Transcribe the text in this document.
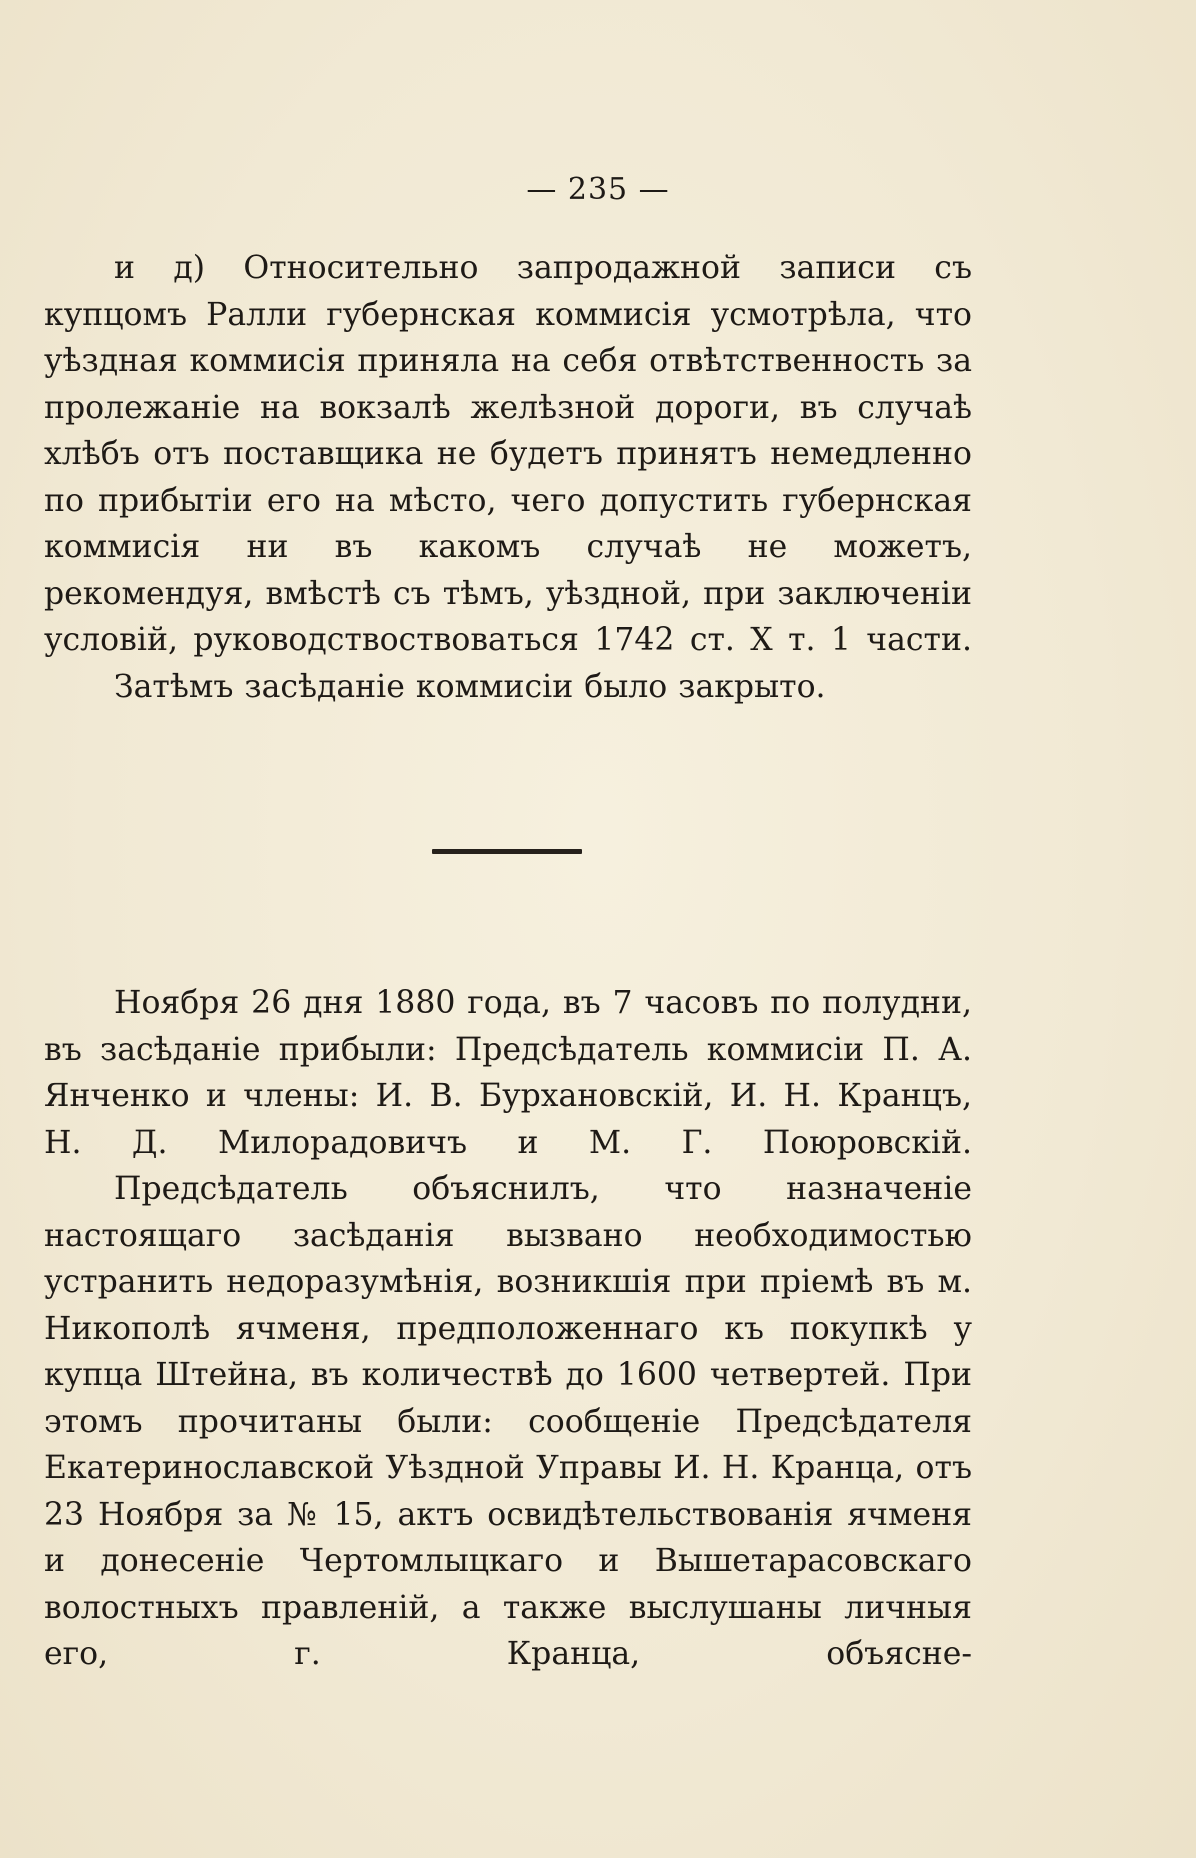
— 235 —

и д) Относительно запродажной записи съ купцомъ Ралли губернская коммисія усмотрѣла, что уѣздная коммисія приняла на себя отвѣтственность за пролежаніе на вокзалѣ желѣзной дороги, въ случаѣ хлѣбъ отъ поставщика не будетъ принятъ немедленно по прибытіи его на мѣсто, чего допустить губернская коммисія ни въ какомъ случаѣ не можетъ, рекомендуя, вмѣстѣ съ тѣмъ, уѣздной, при заключеніи условій, руководствоствоваться 1742 ст. X т. 1 части.

Затѣмъ засѣданіе коммисіи было закрыто.

Ноября 26 дня 1880 года, въ 7 часовъ по полудни, въ засѣданіе прибыли: Предсѣдатель коммисіи П. А. Янченко и члены: И. В. Бурхановскій, И. Н. Кранцъ, Н. Д. Милорадовичъ и М. Г. Поюровскій.

Предсѣдатель объяснилъ, что назначеніе настоящаго засѣданія вызвано необходимостью устранить недоразумѣнія, возникшія при пріемѣ въ м. Никополѣ ячменя, предположеннаго къ покупкѣ у купца Штейна, въ количествѣ до 1600 четвертей. При этомъ прочитаны были: сообщеніе Предсѣдателя Екатеринославской Уѣздной Управы И. Н. Кранца, отъ 23 Ноября за № 15, актъ освидѣтельствованія ячменя и донесеніе Чертомлыцкаго и Вышетарасовскаго волостныхъ правленій, а также выслушаны личныя его, г. Кранца, объясне-
